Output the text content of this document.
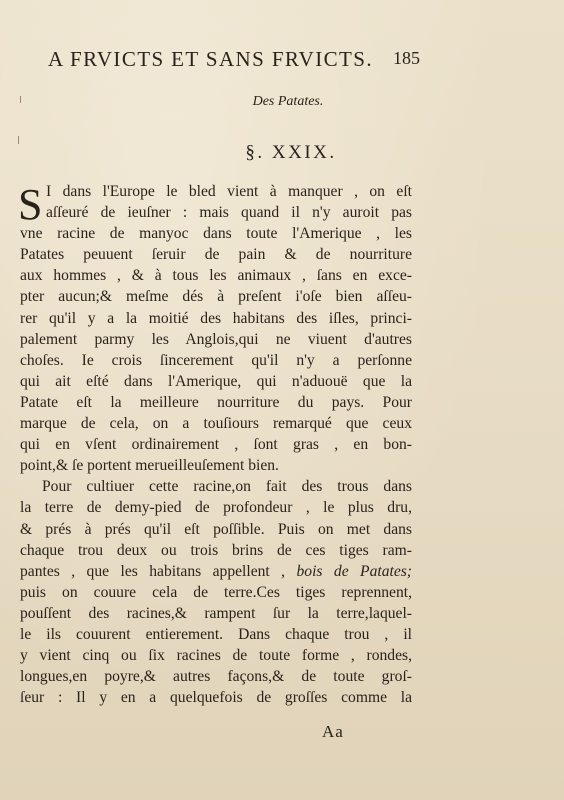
A FRVICTS ET SANS FRVICTS. 185
Des Patates.
§. XXIX.
S I dans l'Europe le bled vient à manquer , on eſt
aſſeuré de ieuſner : mais quand il n'y auroit pas
vne racine de manyoc dans toute l'Amerique , les
Patates peuuent ſeruir de pain & de nourriture
aux hommes , & à tous les animaux , ſans en exce-
pter aucun;& meſme dés à preſent i'oſe bien aſſeu-
rer qu'il y a la moitié des habitans des iſles, princi-
palement parmy les Anglois,qui ne viuent d'autres
choſes. Ie crois ſincerement qu'il n'y a perſonne
qui ait eſté dans l'Amerique, qui n'aduouë que la
Patate eſt la meilleure nourriture du pays. Pour
marque de cela, on a touſiours remarqué que ceux
qui en vſent ordinairement , ſont gras , en bon-
point,& ſe portent merueilleuſement bien.
Pour cultiuer cette racine,on fait des trous dans
la terre de demy-pied de profondeur , le plus dru,
& prés à prés qu'il eſt poſſible. Puis on met dans
chaque trou deux ou trois brins de ces tiges ram-
pantes , que les habitans appellent , bois de Patates;
puis on couure cela de terre.Ces tiges reprennent,
pouſſent des racines,& rampent ſur la terre,laquel-
le ils couurent entierement. Dans chaque trou , il
y vient cinq ou ſix racines de toute forme , rondes,
longues,en poyre,& autres façons,& de toute groſ-
ſeur : Il y en a quelquefois de groſſes comme la
Aa
